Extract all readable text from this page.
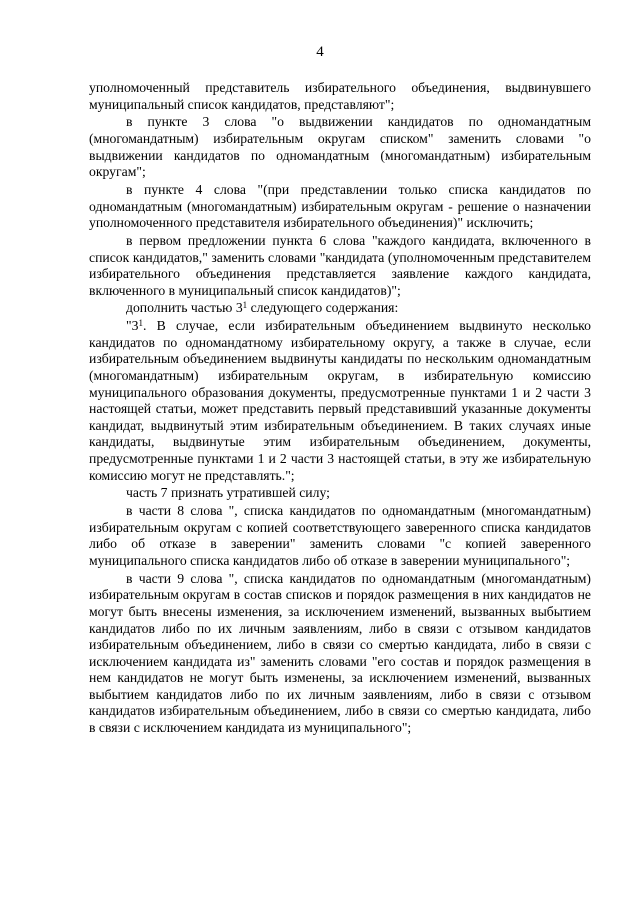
4

уполномоченный представитель избирательного объединения, выдвинувшего муниципальный список кандидатов, представляют";

в пункте 3 слова "о выдвижении кандидатов по одномандатным (многомандатным) избирательным округам списком" заменить словами "о выдвижении кандидатов по одномандатным (многомандатным) избирательным округам";

в пункте 4 слова "(при представлении только списка кандидатов по одномандатным (многомандатным) избирательным округам - решение о назначении уполномоченного представителя избирательного объединения)" исключить;

в первом предложении пункта 6 слова "каждого кандидата, включенного в список кандидатов," заменить словами "кандидата (уполномоченным представителем избирательного объединения представляется заявление каждого кандидата, включенного в муниципальный список кандидатов)";

дополнить частью $3^1$ следующего содержания:

"$3^1$. В случае, если избирательным объединением выдвинуто несколько кандидатов по одномандатному избирательному округу, а также в случае, если избирательным объединением выдвинуты кандидаты по нескольким одномандатным (многомандатным) избирательным округам, в избирательную комиссию муниципального образования документы, предусмотренные пунктами 1 и 2 части 3 настоящей статьи, может представить первый представивший указанные документы кандидат, выдвинутый этим избирательным объединением. В таких случаях иные кандидаты, выдвинутые этим избирательным объединением, документы, предусмотренные пунктами 1 и 2 части 3 настоящей статьи, в эту же избирательную комиссию могут не представлять.";

часть 7 признать утратившей силу;

в части 8 слова ", списка кандидатов по одномандатным (многомандатным) избирательным округам с копией соответствующего заверенного списка кандидатов либо об отказе в заверении" заменить словами "с копией заверенного муниципального списка кандидатов либо об отказе в заверении муниципального";

в части 9 слова ", списка кандидатов по одномандатным (многомандатным) избирательным округам в состав списков и порядок размещения в них кандидатов не могут быть внесены изменения, за исключением изменений, вызванных выбытием кандидатов либо по их личным заявлениям, либо в связи с отзывом кандидатов избирательным объединением, либо в связи со смертью кандидата, либо в связи с исключением кандидата из" заменить словами "его состав и порядок размещения в нем кандидатов не могут быть изменены, за исключением изменений, вызванных выбытием кандидатов либо по их личным заявлениям, либо в связи с отзывом кандидатов избирательным объединением, либо в связи со смертью кандидата, либо в связи с исключением кандидата из муниципального";
